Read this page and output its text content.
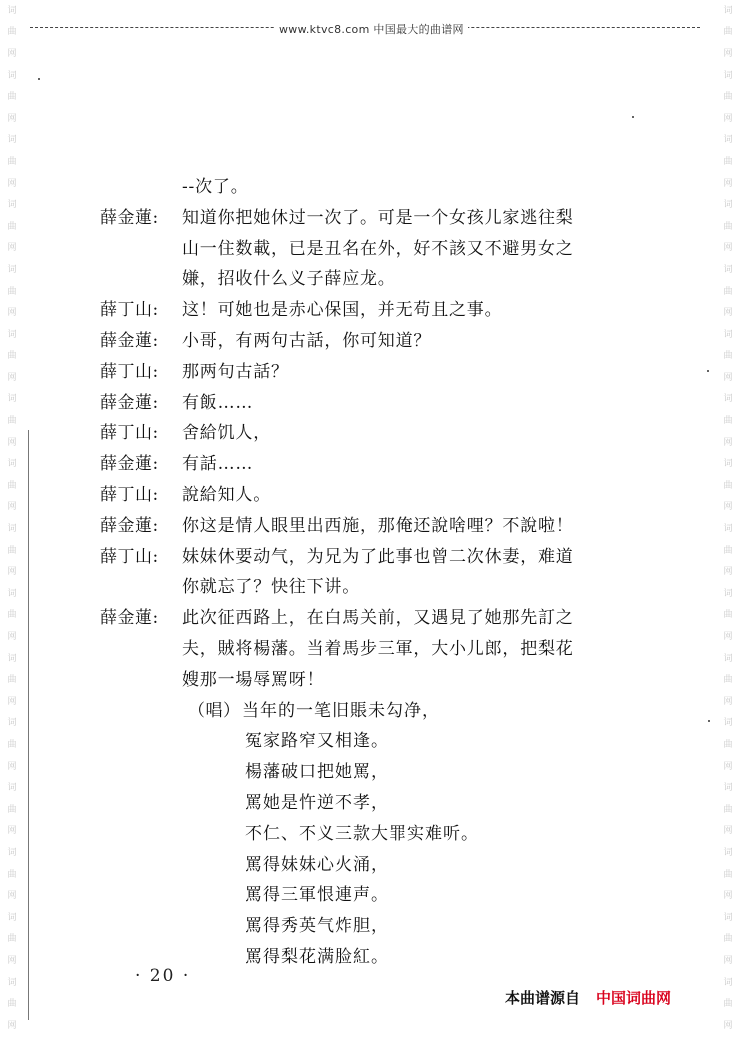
词
曲
网
词
曲
网
词
曲
网
词
曲
网
词
曲
网
词
曲
网
词
曲
网
词
曲
网
词
曲
网
词
曲
网
词
曲
网
词
曲
网
词
曲
网
词
曲
网
词
曲
网
词
曲
网
词
曲
网
词
曲
网
词
曲
网
词
曲
网
词
曲
网
词
曲
网
词
曲
网
词
曲
网
词
曲
网
词
曲
网
词
曲
网
词
曲
网
词
曲
网
词
曲
网
词
曲
网
词
曲
网
www.ktvc8.com 中国最大的曲谱网
--次了。
薛金蓮:	知道你把她休过一次了。可是一个女孩儿家逃往梨
山一住数載，已是丑名在外，好不該又不避男女之
嫌，招收什么义子薛应龙。
薛丁山:	这！可她也是赤心保国，并无苟且之事。
薛金蓮:	小哥，有两句古話，你可知道？
薛丁山:	那两句古話？
薛金蓮:	有飯……
薛丁山:	舍給饥人，
薛金蓮:	有話……
薛丁山:	說給知人。
薛金蓮:	你这是情人眼里出西施，那俺还說啥哩？不說啦！
薛丁山:	妹妹休要动气，为兄为了此事也曾二次休妻，难道
你就忘了？快往下讲。
薛金蓮:	此次征西路上，在白馬关前，又遇見了她那先訂之
夫，賊将楊藩。当着馬步三軍，大小儿郎，把梨花
嫂那一場辱罵呀！
（唱） 当年的一笔旧賬未勾净，
冤家路窄又相逢。
楊藩破口把她罵，
罵她是忤逆不孝，
不仁、不义三款大罪实难听。
罵得妹妹心火涌，
罵得三軍恨連声。
罵得秀英气炸胆，
罵得梨花满脸紅。
· 20 ·
本曲谱源自 中国词曲网
